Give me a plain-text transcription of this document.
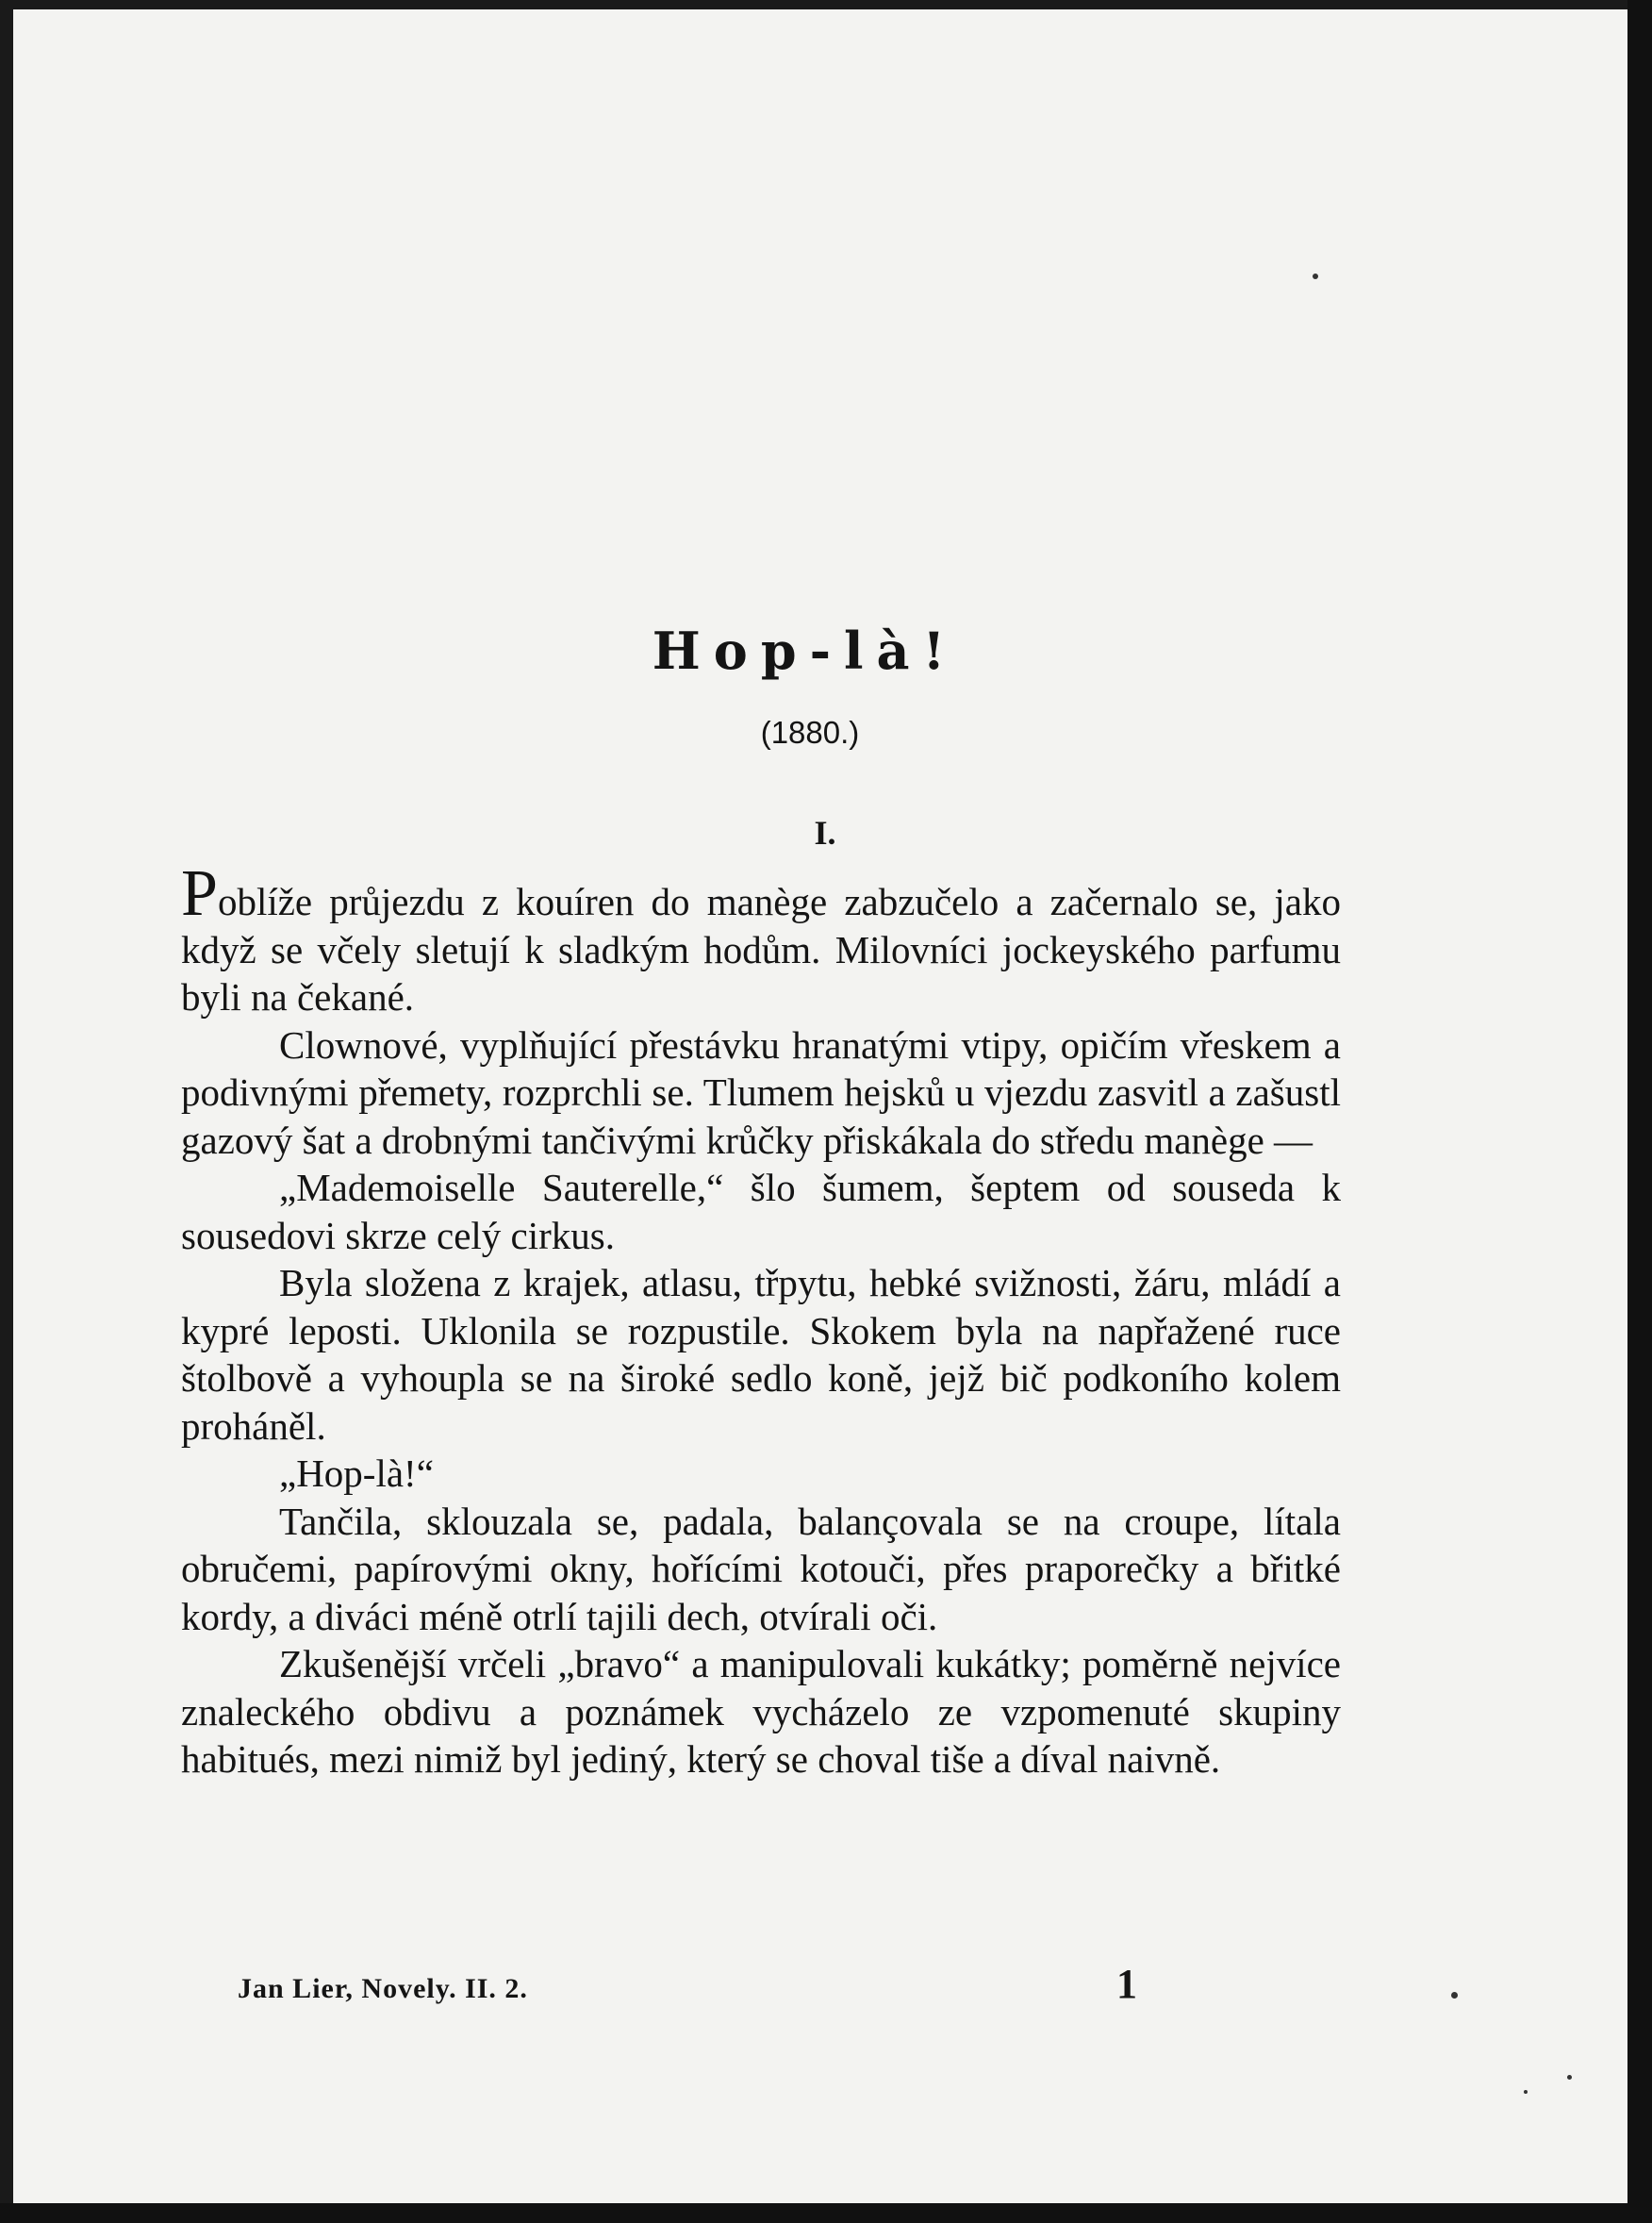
Hop-là!
(1880.)
I.

Poblíže průjezdu z kouíren do manège zabzučelo a začernalo se, jako když se včely sletují k sladkým hodům. Milovníci jockeyského parfumu byli na čekané.

Clownové, vyplňující přestávku hranatými vtipy, opičím vřeskem a podivnými přemety, rozprchli se. Tlumem hejsků u vjezdu zasvitl a zašustl gazový šat a drobnými tančivými krůčky přiskákala do středu manège —

„Mademoiselle Sauterelle,“ šlo šumem, šeptem od souseda k sousedovi skrze celý cirkus.

Byla složena z krajek, atlasu, třpytu, hebké svižnosti, žáru, mládí a kypré leposti. Uklonila se rozpustile. Skokem byla na napřažené ruce štolbově a vyhoupla se na široké sedlo koně, jejž bič podkoního kolem proháněl.

„Hop-là!“

Tančila, sklouzala se, padala, balançovala se na croupe, lítala obručemi, papírovými okny, hořícími kotouči, přes praporečky a břitké kordy, a diváci méně otrlí tajili dech, otvírali oči.

Zkušenější vrčeli „bravo“ a manipulovali kukátky; poměrně nejvíce znaleckého obdivu a poznámek vycházelo ze vzpomenuté skupiny habitués, mezi nimiž byl jediný, který se choval tiše a díval naivně.

Jan Lier, Novely. II. 2.	1
